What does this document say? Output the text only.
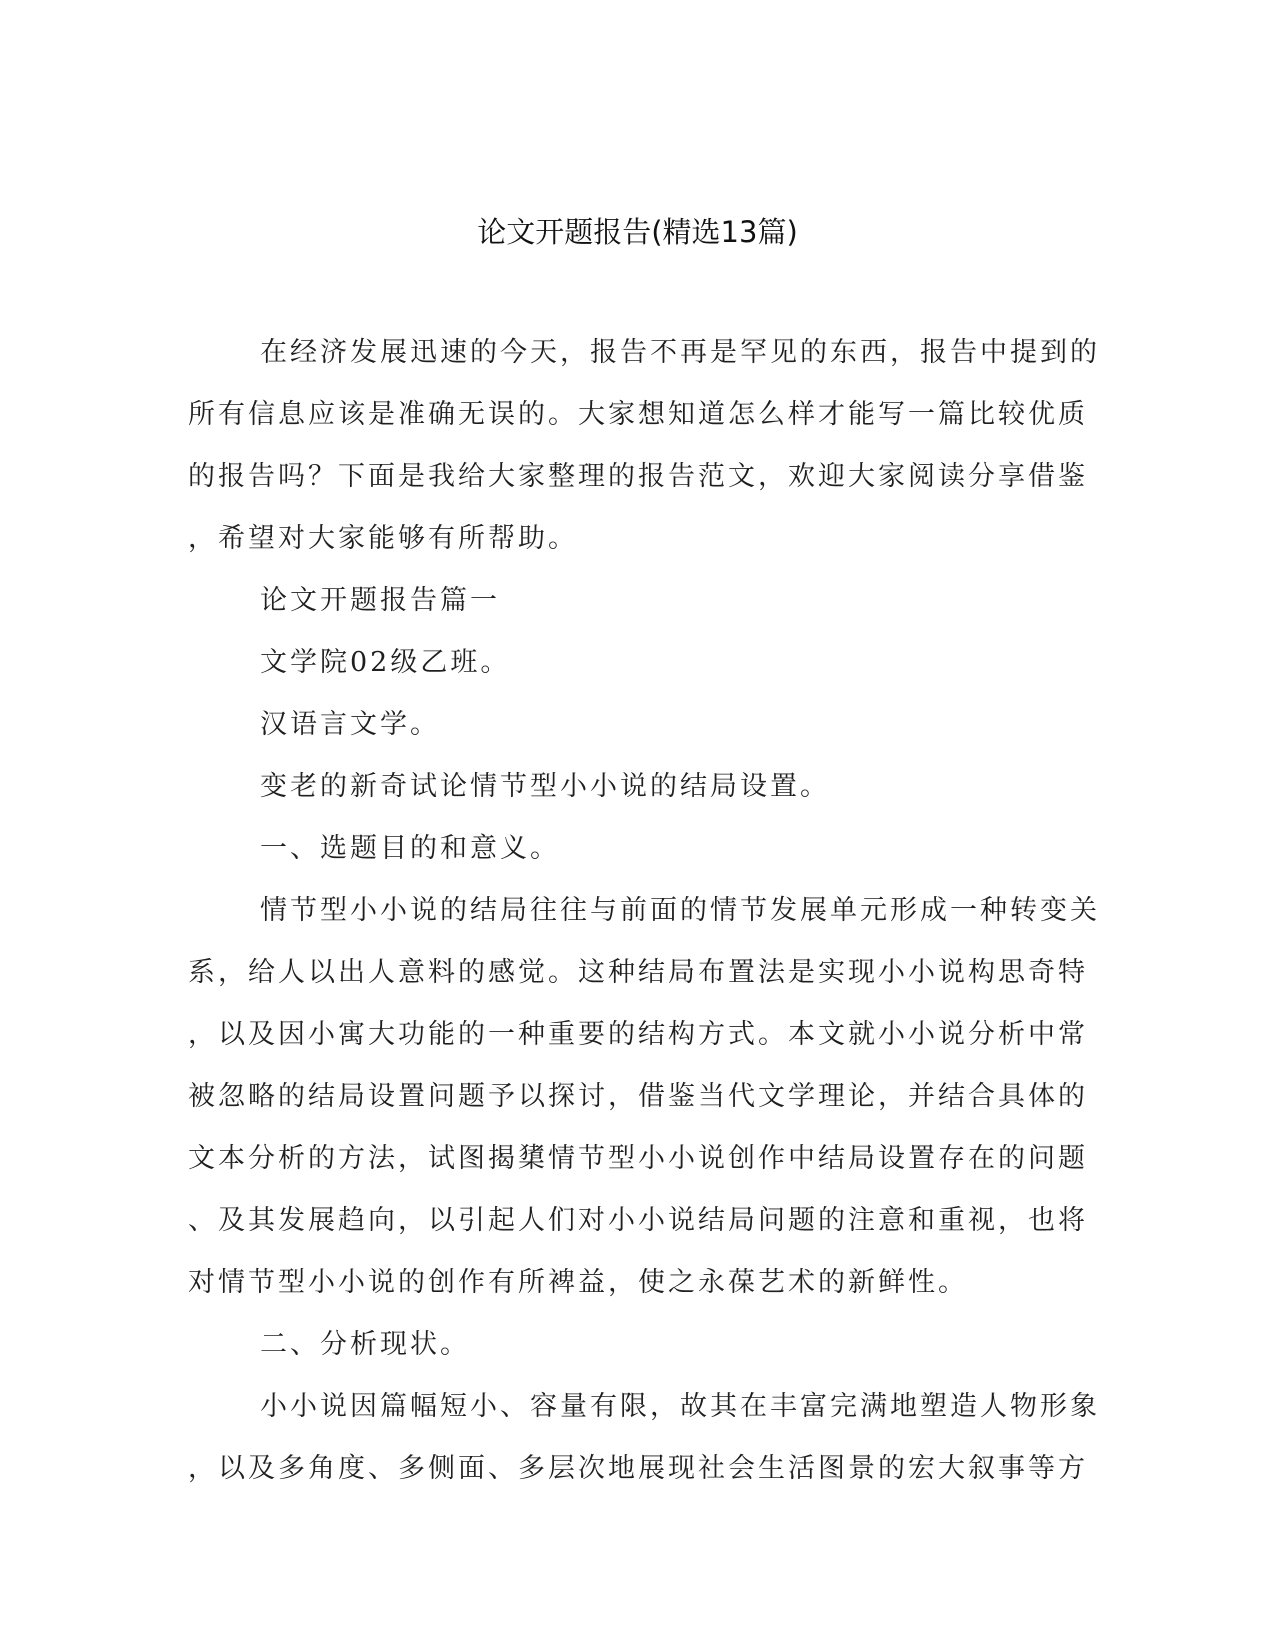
论文开题报告(精选13篇)
在经济发展迅速的今天，报告不再是罕见的东西，报告中提到的
所有信息应该是准确无误的。大家想知道怎么样才能写一篇比较优质
的报告吗？下面是我给大家整理的报告范文，欢迎大家阅读分享借鉴
，希望对大家能够有所帮助。

论文开题报告篇一

文学院02级乙班。

汉语言文学。

变老的新奇试论情节型小小说的结局设置。

一、选题目的和意义。

情节型小小说的结局往往与前面的情节发展单元形成一种转变关
系，给人以出人意料的感觉。这种结局布置法是实现小小说构思奇特
，以及因小寓大功能的一种重要的结构方式。本文就小小说分析中常
被忽略的结局设置问题予以探讨，借鉴当代文学理论，并结合具体的
文本分析的方法，试图揭橥情节型小小说创作中结局设置存在的问题
、及其发展趋向，以引起人们对小小说结局问题的注意和重视，也将
对情节型小小说的创作有所裨益，使之永葆艺术的新鲜性。

二、分析现状。

小小说因篇幅短小、容量有限，故其在丰富完满地塑造人物形象
，以及多角度、多侧面、多层次地展现社会生活图景的宏大叙事等方
